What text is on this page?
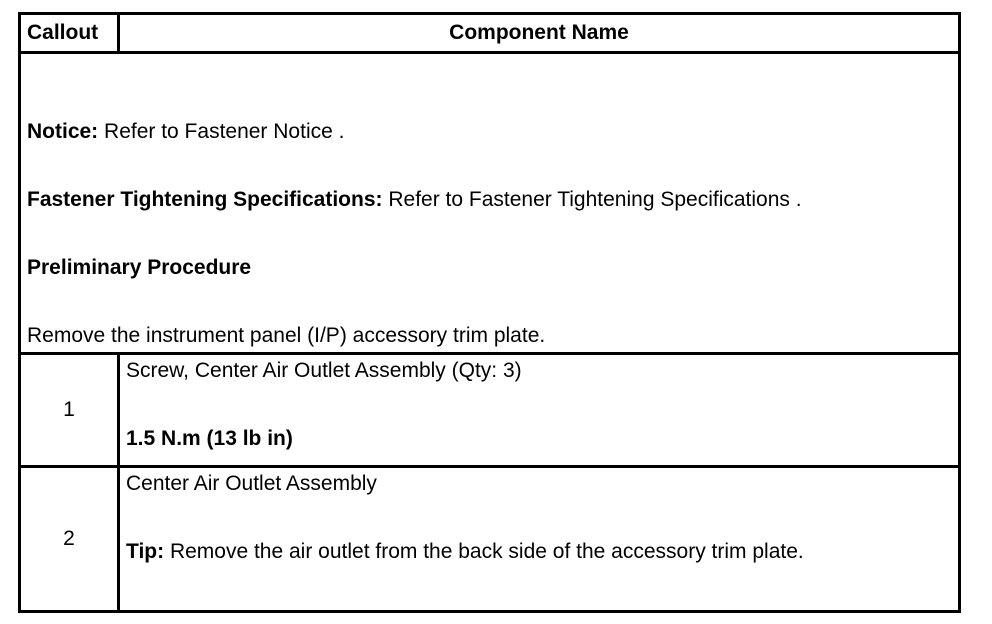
Callout	Component Name

Notice: Refer to Fastener Notice .

Fastener Tightening Specifications: Refer to Fastener Tightening Specifications .

Preliminary Procedure

Remove the instrument panel (I/P) accessory trim plate.	

1	Screw, Center Air Outlet Assembly (Qty: 3)

1.5 N.m (13 lb in)

2	Center Air Outlet Assembly

Tip: Remove the air outlet from the back side of the accessory trim plate.
